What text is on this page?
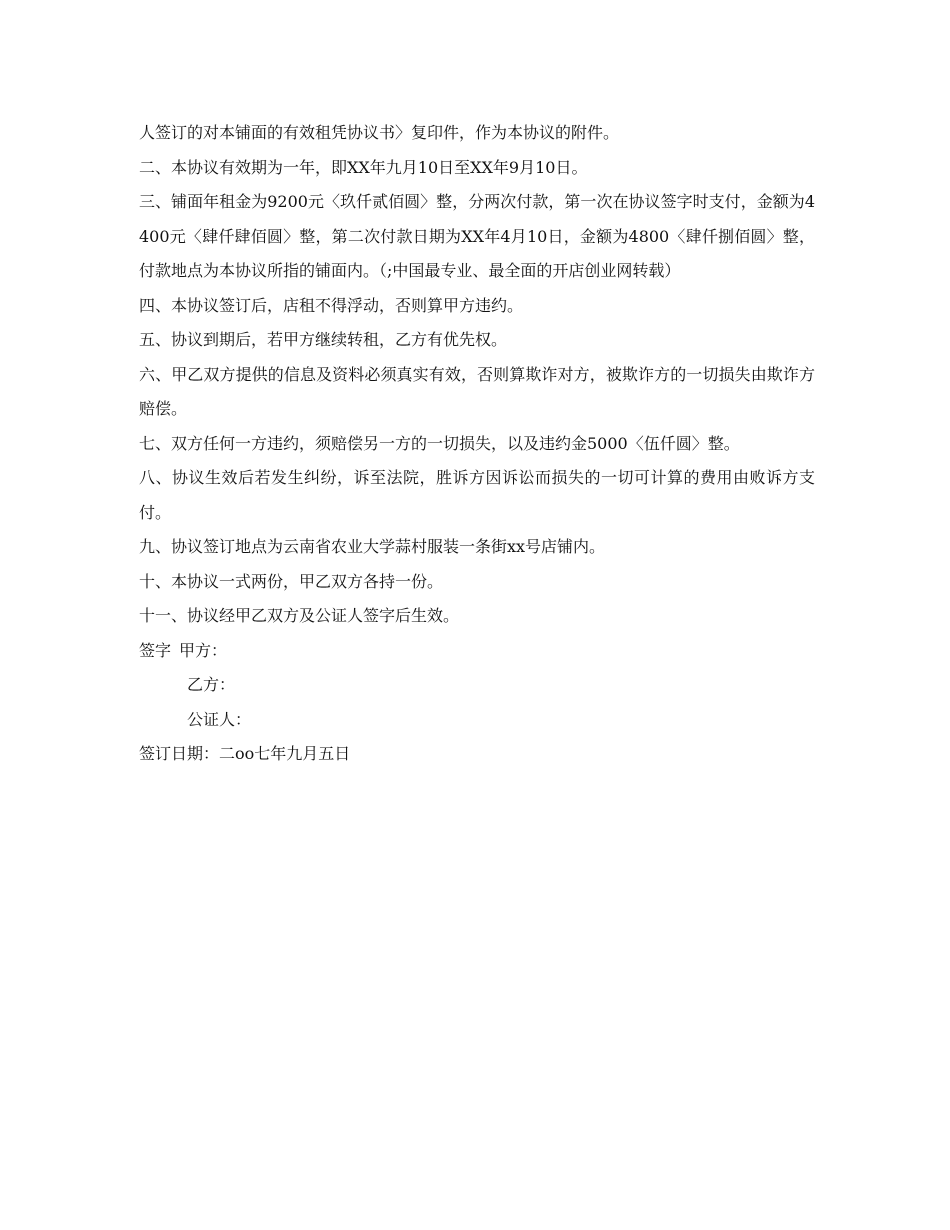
人签订的对本铺面的有效租凭协议书〉复印件，作为本协议的附件。

二、本协议有效期为一年，即XX年九月10日至XX年9月10日。

三、铺面年租金为9200元〈玖仟贰佰圆〉整，分两次付款，第一次在协议签字时支付，金额为4400元〈肆仟肆佰圆〉整，第二次付款日期为XX年4月10日，金额为4800〈肆仟捌佰圆〉整，付款地点为本协议所指的铺面内。（;中国最专业、最全面的开店创业网转载）

四、本协议签订后，店租不得浮动，否则算甲方违约。

五、协议到期后，若甲方继续转租，乙方有优先权。

六、甲乙双方提供的信息及资料必须真实有效，否则算欺诈对方，被欺诈方的一切损失由欺诈方赔偿。

七、双方任何一方违约，须赔偿另一方的一切损失，以及违约金5000〈伍仟圆〉整。

八、协议生效后若发生纠纷，诉至法院，胜诉方因诉讼而损失的一切可计算的费用由败诉方支付。

九、协议签订地点为云南省农业大学蒜村服装一条街xx号店铺内。

十、本协议一式两份，甲乙双方各持一份。

十一、协议经甲乙双方及公证人签字后生效。

签字 甲方：

乙方：

公证人：

签订日期：二oo七年九月五日
